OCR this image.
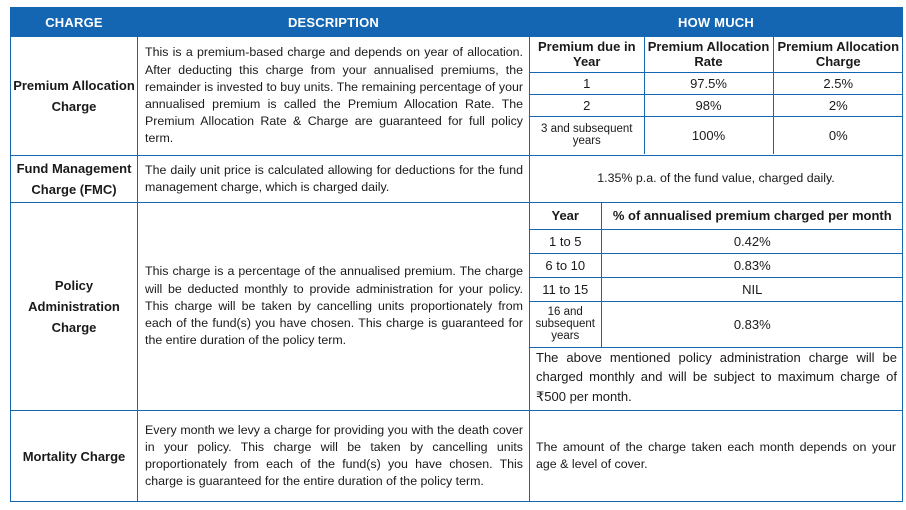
CHARGE	DESCRIPTION	HOW MUCH
Premium Allocation Charge	This is a premium-based charge and depends on year of allocation. After deducting this charge from your annualised premiums, the remainder is invested to buy units. The remaining percentage of your annualised premium is called the Premium Allocation Rate. The Premium Allocation Rate & Charge are guaranteed for full policy term.	
Premium due in Year	Premium Allocation Rate	Premium Allocation Charge
1	97.5%	2.5%
2	98%	2%
3 and subsequent years	100%	0%

Fund Management Charge (FMC)	The daily unit price is calculated allowing for deductions for the fund management charge, which is charged daily.	
1.35% p.a. of the fund value, charged daily.

Policy Administration Charge	This charge is a percentage of the annualised premium. The charge will be deducted monthly to provide administration for your policy. This charge will be taken by cancelling units proportionately from each of the fund(s) you have chosen. This charge is guaranteed for the entire duration of the policy term.	
Year	% of annualised premium charged per month
1 to 5	0.42%
6 to 10	0.83%
11 to 15	NIL
16 and subsequent years	0.83%
The above mentioned policy administration charge will be charged monthly and will be subject to maximum charge of ₹500 per month.

Mortality Charge	Every month we levy a charge for providing you with the death cover in your policy. This charge will be taken by cancelling units proportionately from each of the fund(s) you have chosen. This charge is guaranteed for the entire duration of the policy term.	
The amount of the charge taken each month depends on your age & level of cover.
